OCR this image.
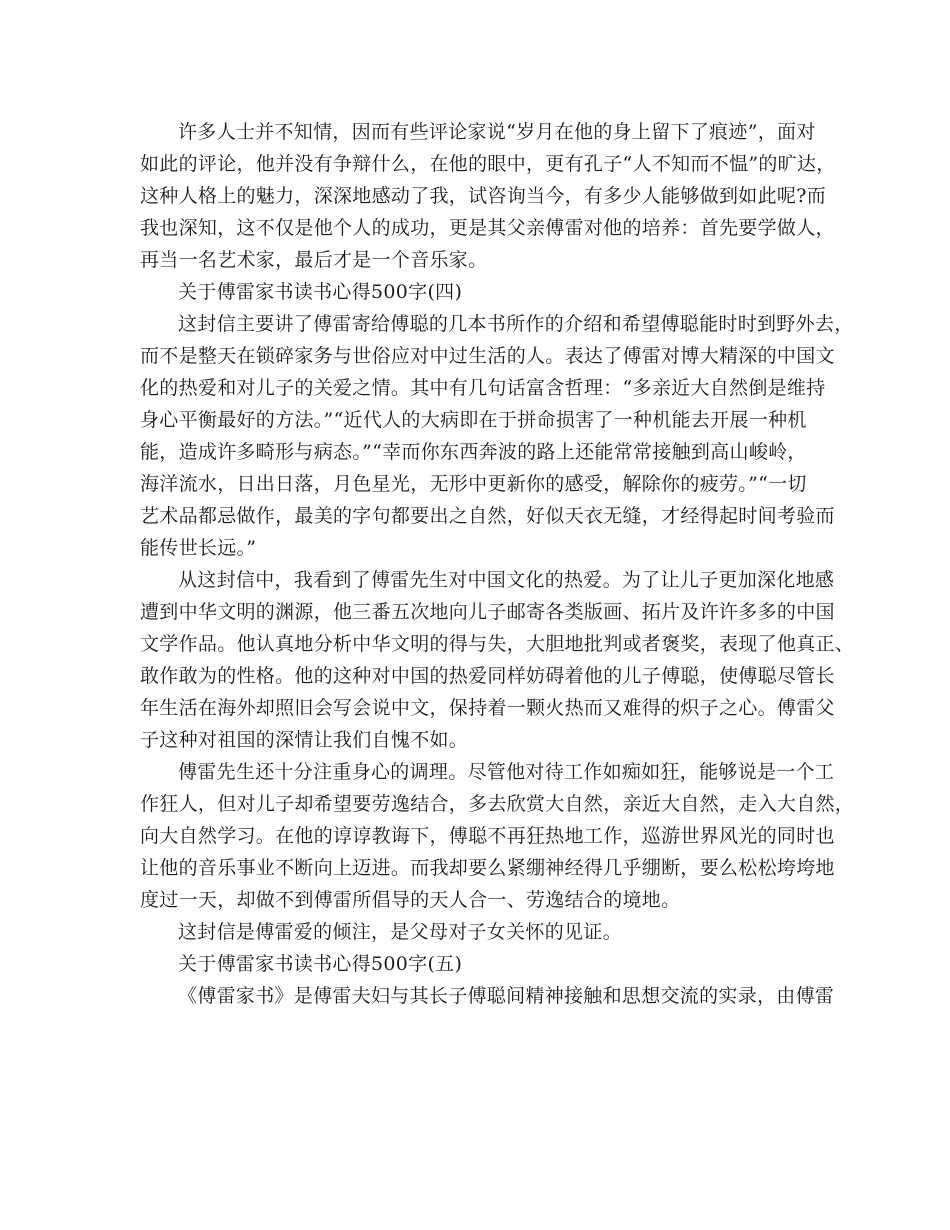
许多人士并不知情，因而有些评论家说“岁月在他的身上留下了痕迹”，面对
如此的评论，他并没有争辩什么，在他的眼中，更有孔子“人不知而不愠”的旷达，
这种人格上的魅力，深深地感动了我，试咨询当今，有多少人能够做到如此呢?而
我也深知，这不仅是他个人的成功，更是其父亲傅雷对他的培养：首先要学做人，
再当一名艺术家，最后才是一个音乐家。
关于傅雷家书读书心得500字(四)
这封信主要讲了傅雷寄给傅聪的几本书所作的介绍和希望傅聪能时时到野外去，
而不是整天在锁碎家务与世俗应对中过生活的人。表达了傅雷对博大精深的中国文
化的热爱和对儿子的关爱之情。其中有几句话富含哲理：“多亲近大自然倒是维持
身心平衡最好的方法。”“近代人的大病即在于拼命损害了一种机能去开展一种机
能，造成许多畸形与病态。”“幸而你东西奔波的路上还能常常接触到高山峻岭，
海洋流水，日出日落，月色星光，无形中更新你的感受，解除你的疲劳。”“一切
艺术品都忌做作，最美的字句都要出之自然，好似天衣无缝，才经得起时间考验而
能传世长远。”
从这封信中，我看到了傅雷先生对中国文化的热爱。为了让儿子更加深化地感
遭到中华文明的渊源，他三番五次地向儿子邮寄各类版画、拓片及许许多多的中国
文学作品。他认真地分析中华文明的得与失，大胆地批判或者褒奖，表现了他真正、
敢作敢为的性格。他的这种对中国的热爱同样妨碍着他的儿子傅聪，使傅聪尽管长
年生活在海外却照旧会写会说中文，保持着一颗火热而又难得的炽子之心。傅雷父
子这种对祖国的深情让我们自愧不如。
傅雷先生还十分注重身心的调理。尽管他对待工作如痴如狂，能够说是一个工
作狂人，但对儿子却希望要劳逸结合，多去欣赏大自然，亲近大自然，走入大自然，
向大自然学习。在他的谆谆教诲下，傅聪不再狂热地工作，巡游世界风光的同时也
让他的音乐事业不断向上迈进。而我却要么紧绷神经得几乎绷断，要么松松垮垮地
度过一天，却做不到傅雷所倡导的天人合一、劳逸结合的境地。
这封信是傅雷爱的倾注，是父母对子女关怀的见证。
关于傅雷家书读书心得500字(五)
《傅雷家书》是傅雷夫妇与其长子傅聪间精神接触和思想交流的实录，由傅雷
